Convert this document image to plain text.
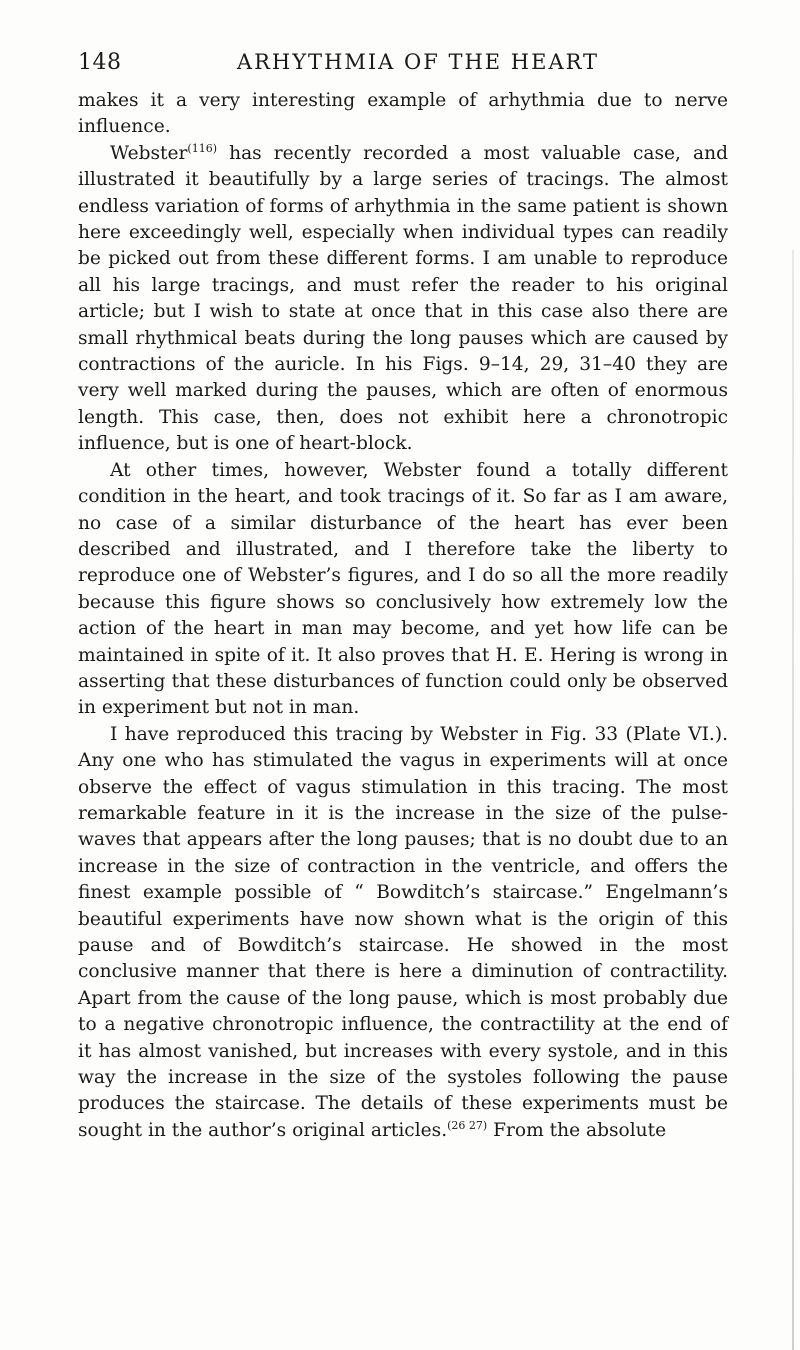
148	ARHYTHMIA OF THE HEART

makes it a very interesting example of arhythmia due to nerve influence.

Webster$^{(116)}$ has recently recorded a most valuable case, and illustrated it beautifully by a large series of tracings. The almost endless variation of forms of arhythmia in the same patient is shown here exceedingly well, especially when individual types can readily be picked out from these different forms. I am unable to reproduce all his large tracings, and must refer the reader to his original article; but I wish to state at once that in this case also there are small rhythmical beats during the long pauses which are caused by contractions of the auricle. In his Figs. 9–14, 29, 31–40 they are very well marked during the pauses, which are often of enormous length. This case, then, does not exhibit here a chronotropic influence, but is one of heart-block.

At other times, however, Webster found a totally different condition in the heart, and took tracings of it. So far as I am aware, no case of a similar disturbance of the heart has ever been described and illustrated, and I therefore take the liberty to reproduce one of Webster’s figures, and I do so all the more readily because this figure shows so conclusively how extremely low the action of the heart in man may become, and yet how life can be maintained in spite of it. It also proves that H. E. Hering is wrong in asserting that these disturbances of function could only be observed in experiment but not in man.

I have reproduced this tracing by Webster in Fig. 33 (Plate VI.). Any one who has stimulated the vagus in experiments will at once observe the effect of vagus stimulation in this tracing. The most remarkable feature in it is the increase in the size of the pulse-waves that appears after the long pauses; that is no doubt due to an increase in the size of contraction in the ventricle, and offers the finest example possible of “ Bowditch’s staircase.” Engelmann’s beautiful experiments have now shown what is the origin of this pause and of Bowditch’s staircase. He showed in the most conclusive manner that there is here a diminution of contractility. Apart from the cause of the long pause, which is most probably due to a negative chronotropic influence, the contractility at the end of it has almost vanished, but increases with every systole, and in this way the increase in the size of the systoles following the pause produces the staircase. The details of these experiments must be sought in the author’s original articles.$^{(26 27)}$ From the absolute
